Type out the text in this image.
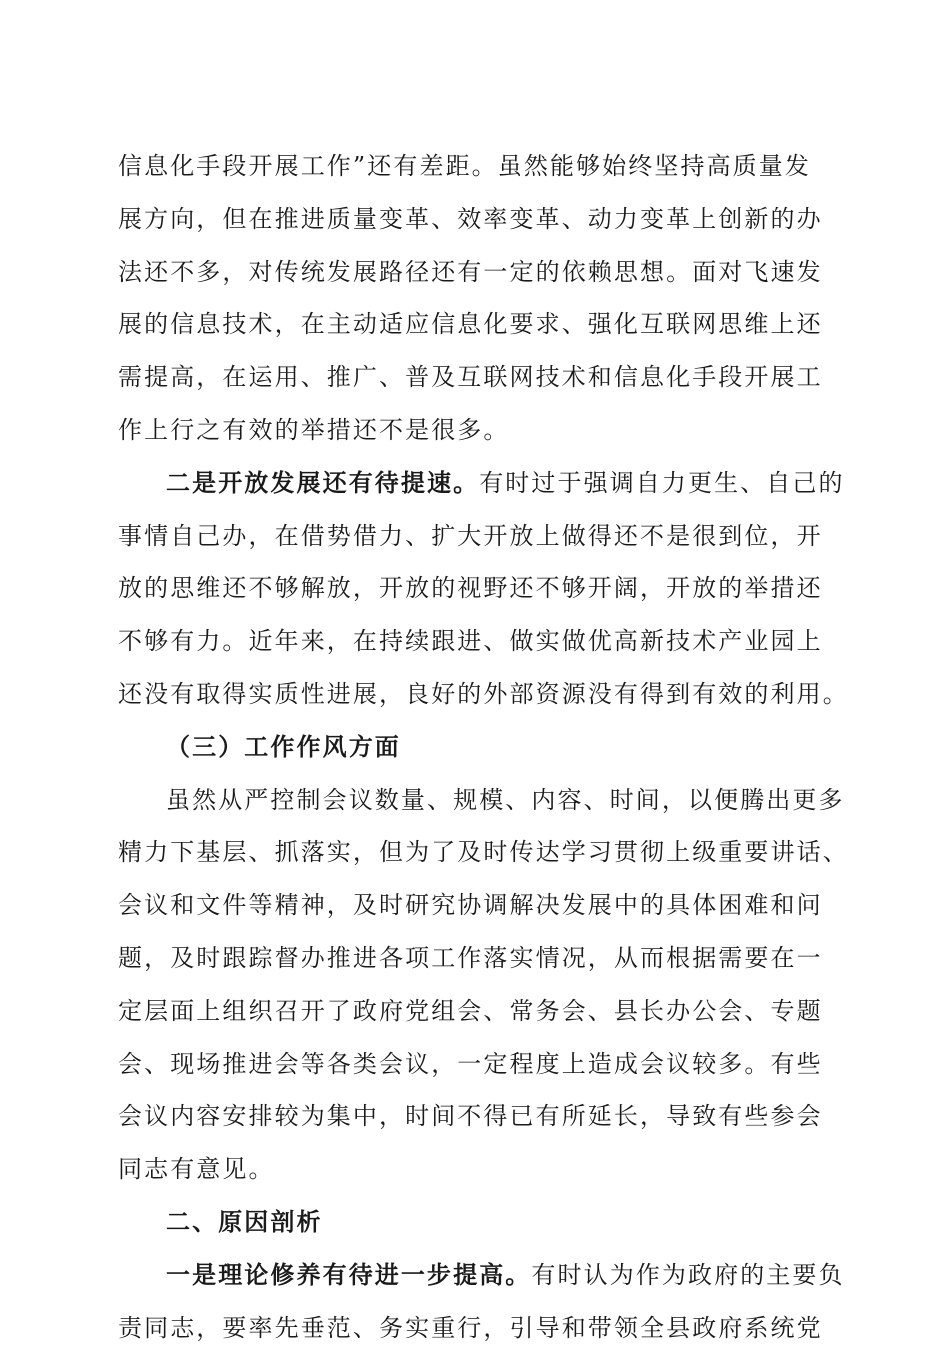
信息化手段开展工作”还有差距。虽然能够始终坚持高质量发
展方向，但在推进质量变革、效率变革、动力变革上创新的办
法还不多，对传统发展路径还有一定的依赖思想。面对飞速发
展的信息技术，在主动适应信息化要求、强化互联网思维上还
需提高，在运用、推广、普及互联网技术和信息化手段开展工
作上行之有效的举措还不是很多。
二是开放发展还有待提速。有时过于强调自力更生、自己的
事情自己办，在借势借力、扩大开放上做得还不是很到位，开
放的思维还不够解放，开放的视野还不够开阔，开放的举措还
不够有力。近年来，在持续跟进、做实做优高新技术产业园上
还没有取得实质性进展，良好的外部资源没有得到有效的利用。
（三）工作作风方面
虽然从严控制会议数量、规模、内容、时间，以便腾出更多
精力下基层、抓落实，但为了及时传达学习贯彻上级重要讲话、
会议和文件等精神，及时研究协调解决发展中的具体困难和问
题，及时跟踪督办推进各项工作落实情况，从而根据需要在一
定层面上组织召开了政府党组会、常务会、县长办公会、专题
会、现场推进会等各类会议，一定程度上造成会议较多。有些
会议内容安排较为集中，时间不得已有所延长，导致有些参会
同志有意见。
二、原因剖析
一是理论修养有待进一步提高。有时认为作为政府的主要负
责同志，要率先垂范、务实重行，引导和带领全县政府系统党
